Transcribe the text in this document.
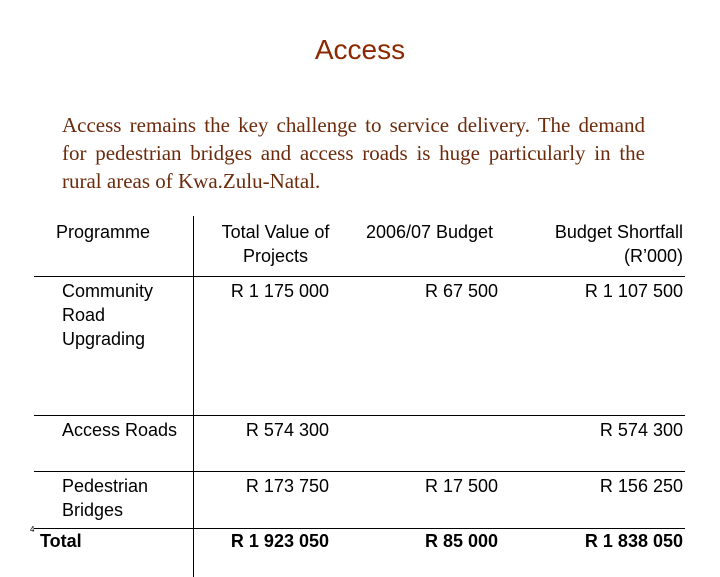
Access
Access remains the key challenge to service delivery. The demand for pedestrian bridges and access roads is huge particularly in the rural areas of Kwa.Zulu-Natal.
Programme	Total Value of Projects	2006/07 Budget	Budget Shortfall (R’000)

Community Road Upgrading	R 1 175 000	R 67 500	R 1 107 500

Access Roads	R 574 300		R 574 300

Pedestrian Bridges	R 173 750	R 17 500	R 156 250

Total	R 1 923 050	R 85 000	R 1 838 050
4
